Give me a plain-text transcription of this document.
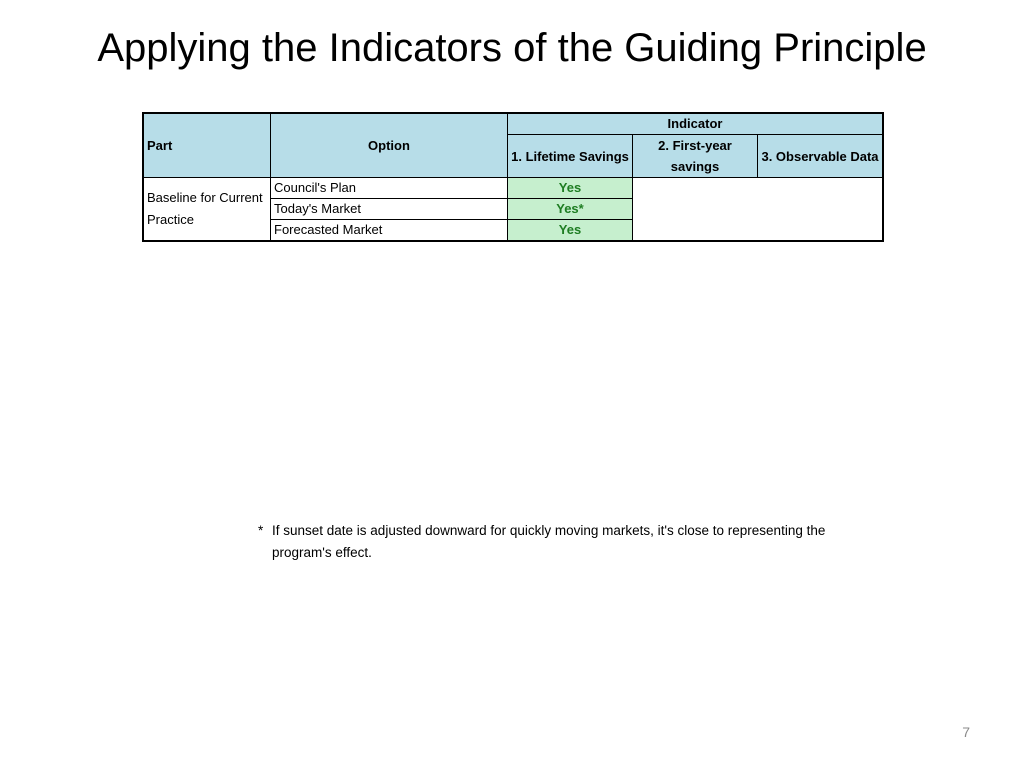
Applying the Indicators of the Guiding Principle
Part	Option	Indicator		
		1. Lifetime Savings	2. First-year savings	3. Observable Data
Baseline for Current Practice	Council's Plan	Yes		
	Today's Market	Yes*		
	Forecasted Market	Yes		
* If sunset date is adjusted downward for quickly moving markets, it's close to representing the program's effect.
7
